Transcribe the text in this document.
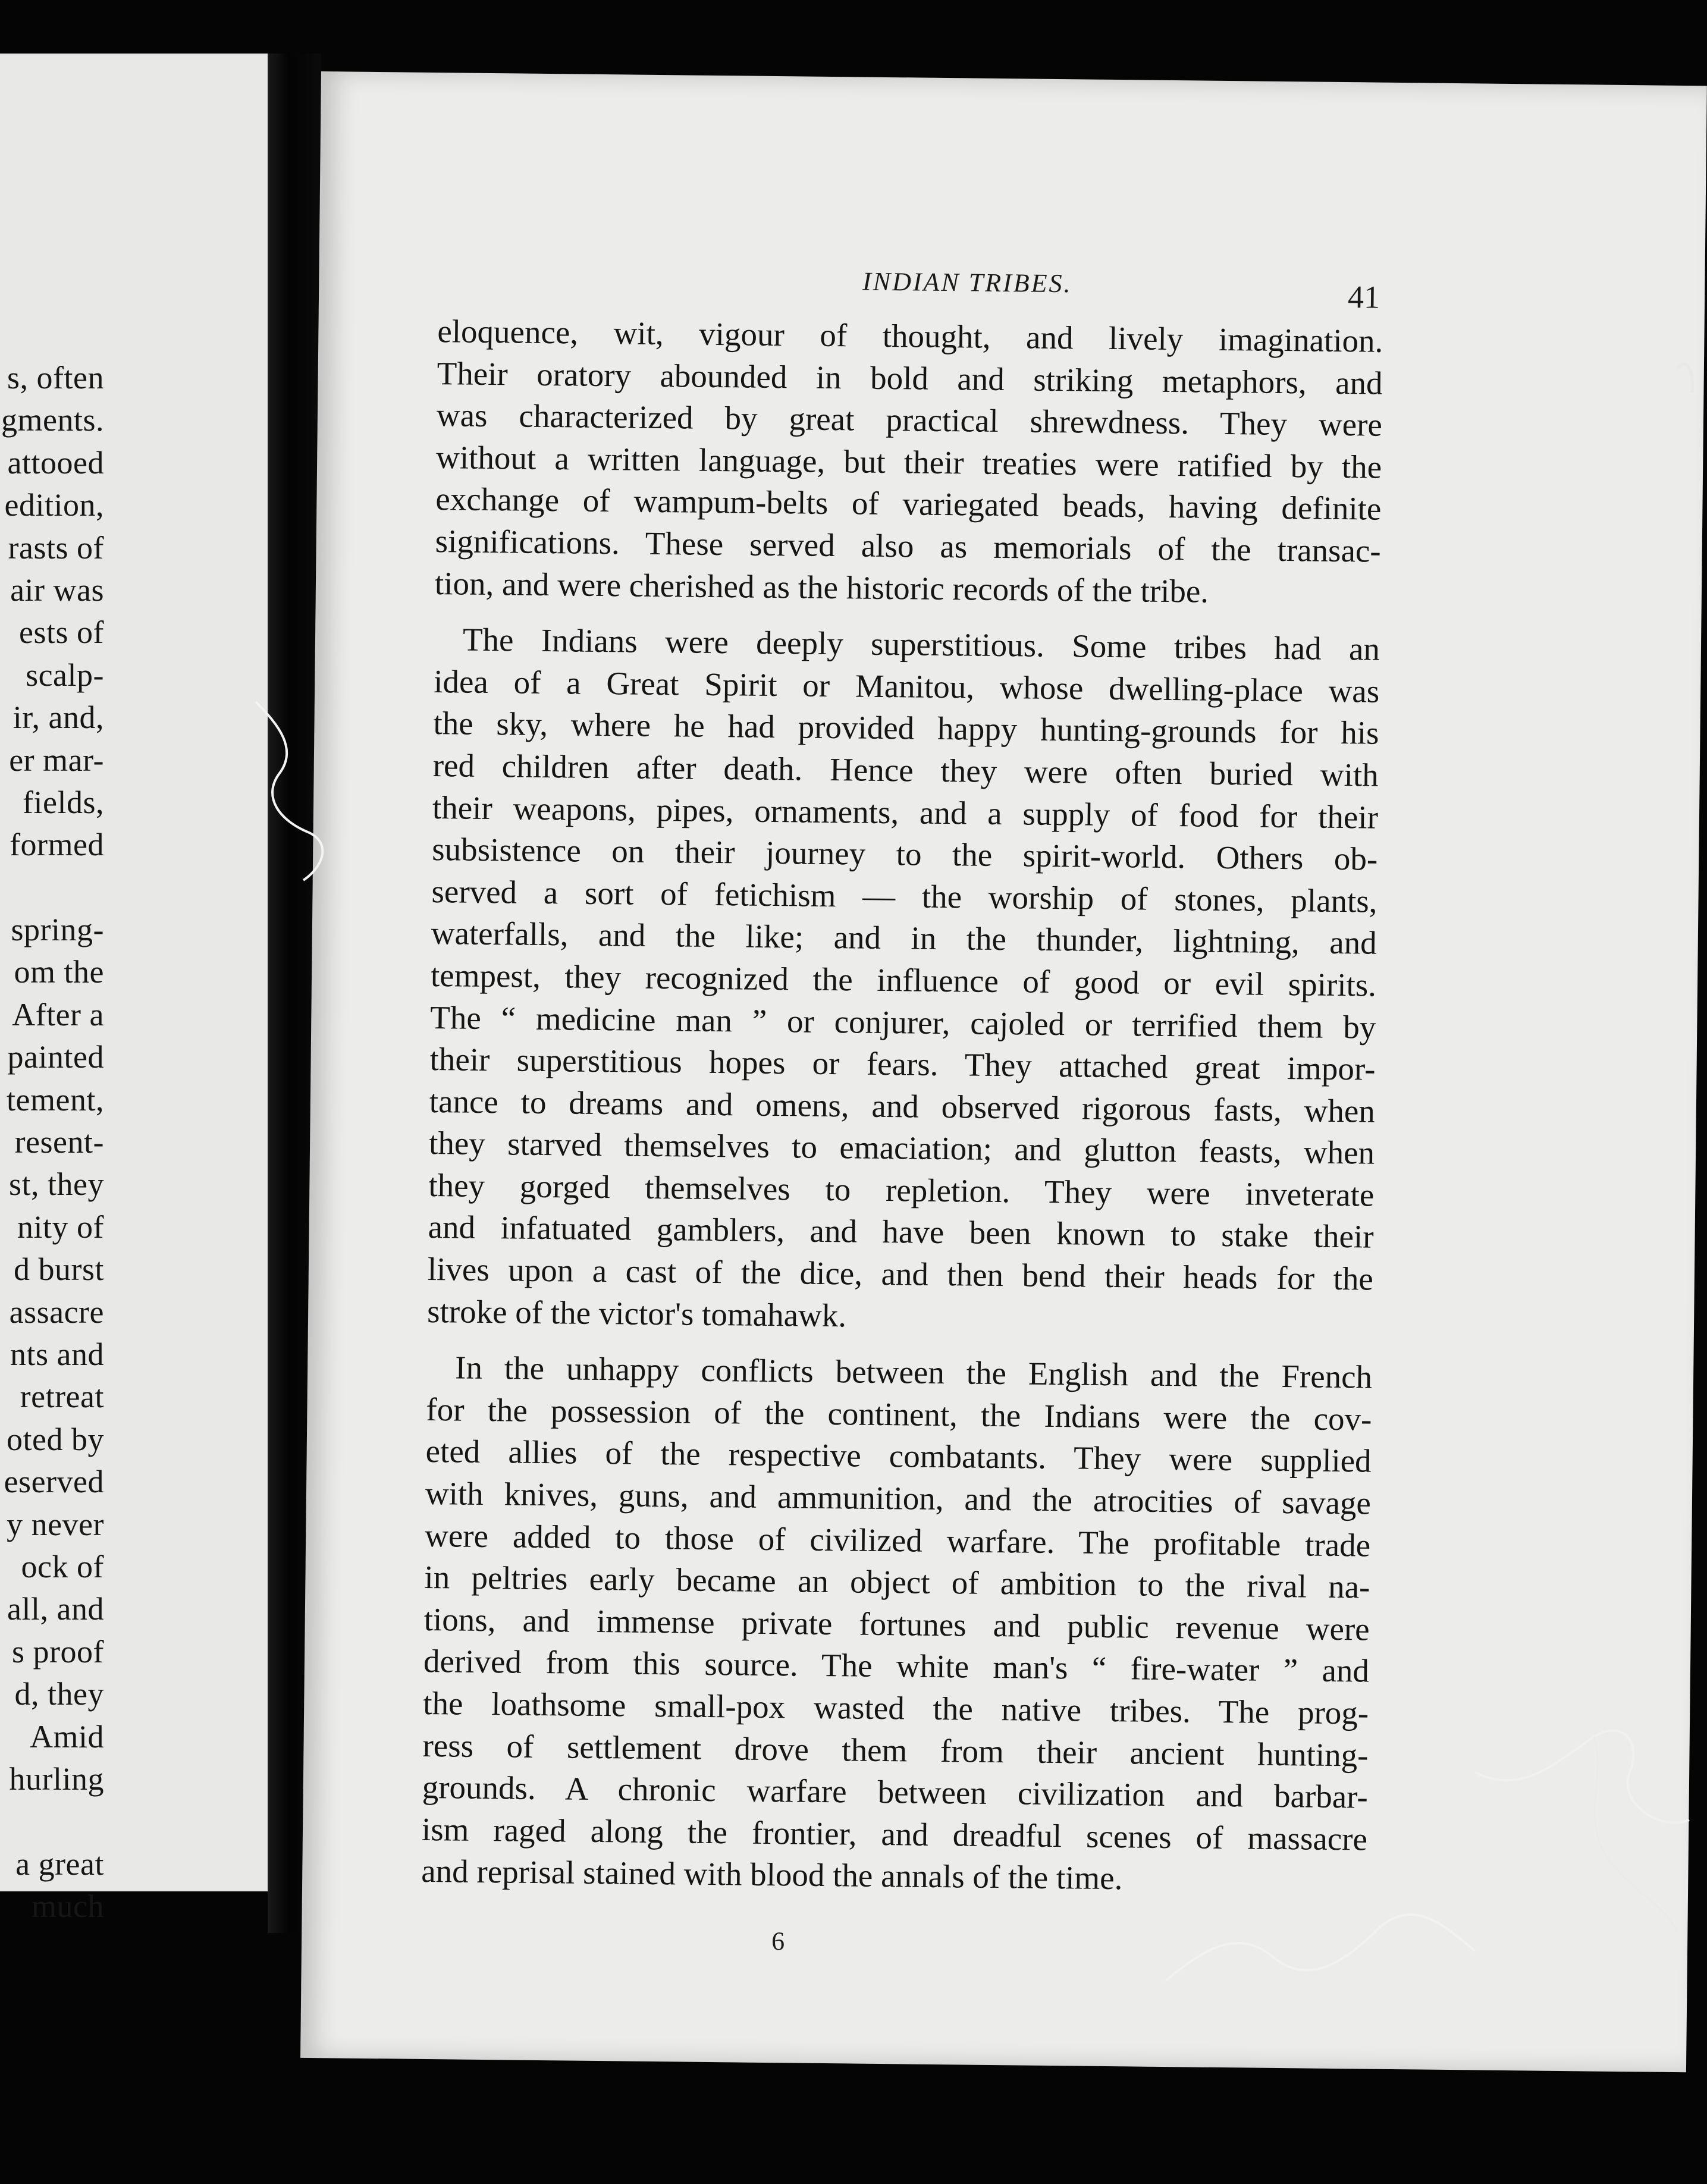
s, often
gments.
attooed
edition,
rasts of
air was
ests of
scalp-
ir, and,
er mar-
fields,
formed
spring-
om the
After a
painted
tement,
resent-
st, they
nity of
d burst
assacre
nts and
retreat
oted by
eserved
y never
ock of
all, and
s proof
d, they
Amid
hurling
a great
much
INDIAN TRIBES.	41
eloquence, wit, vigour of thought, and lively imagination.
Their oratory abounded in bold and striking metaphors, and
was characterized by great practical shrewdness. They were
without a written language, but their treaties were ratified by the
exchange of wampum-belts of variegated beads, having definite
significations. These served also as memorials of the transac-
tion, and were cherished as the historic records of the tribe.
The Indians were deeply superstitious. Some tribes had an
idea of a Great Spirit or Manitou, whose dwelling-place was
the sky, where he had provided happy hunting-grounds for his
red children after death. Hence they were often buried with
their weapons, pipes, ornaments, and a supply of food for their
subsistence on their journey to the spirit-world. Others ob-
served a sort of fetichism — the worship of stones, plants,
waterfalls, and the like; and in the thunder, lightning, and
tempest, they recognized the influence of good or evil spirits.
The “ medicine man ” or conjurer, cajoled or terrified them by
their superstitious hopes or fears. They attached great impor-
tance to dreams and omens, and observed rigorous fasts, when
they starved themselves to emaciation; and glutton feasts, when
they gorged themselves to repletion. They were inveterate
and infatuated gamblers, and have been known to stake their
lives upon a cast of the dice, and then bend their heads for the
stroke of the victor's tomahawk.
In the unhappy conflicts between the English and the French
for the possession of the continent, the Indians were the cov-
eted allies of the respective combatants. They were supplied
with knives, guns, and ammunition, and the atrocities of savage
were added to those of civilized warfare. The profitable trade
in peltries early became an object of ambition to the rival na-
tions, and immense private fortunes and public revenue were
derived from this source. The white man's “ fire-water ” and
the loathsome small-pox wasted the native tribes. The prog-
ress of settlement drove them from their ancient hunting-
grounds. A chronic warfare between civilization and barbar-
ism raged along the frontier, and dreadful scenes of massacre
and reprisal stained with blood the annals of the time.
6
